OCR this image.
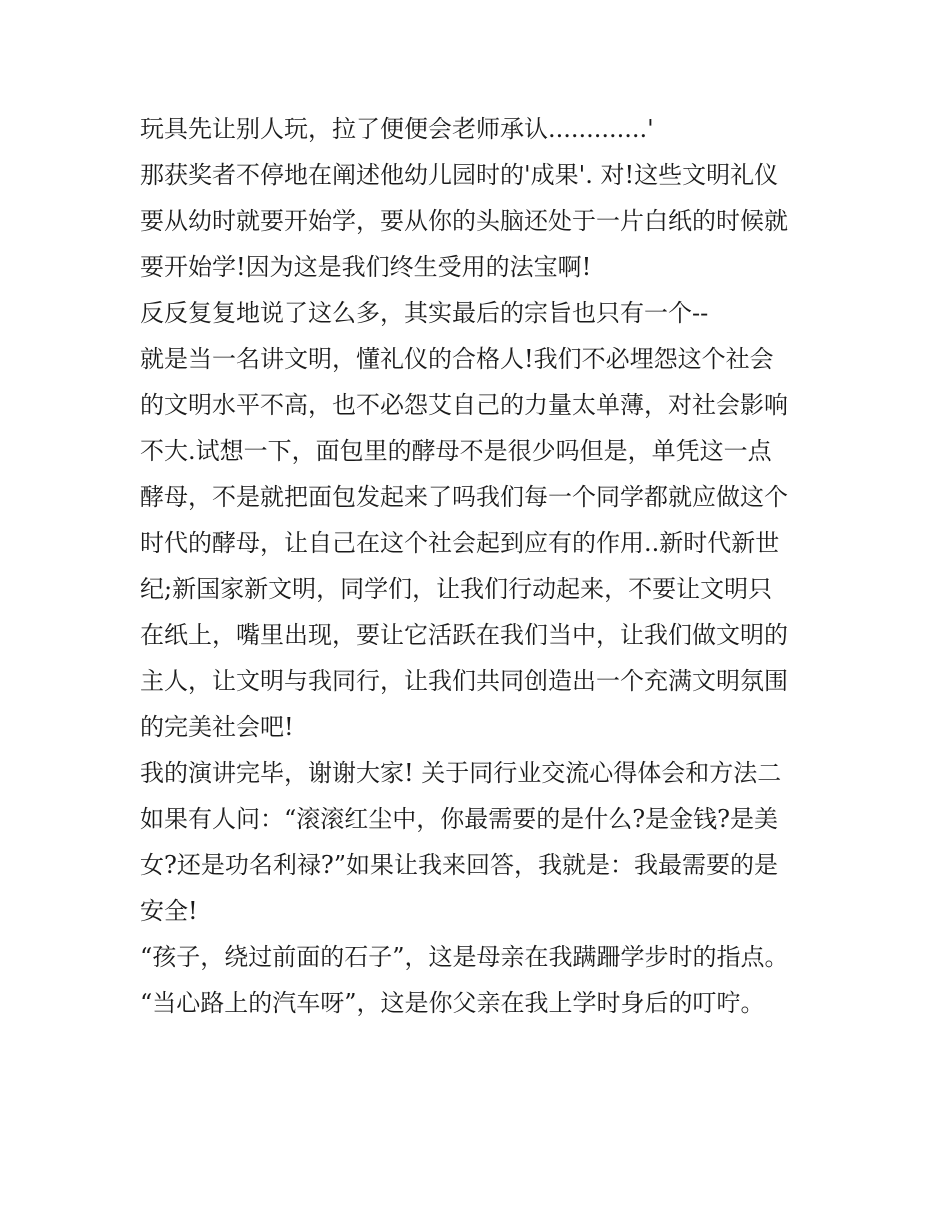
玩具先让别人玩，拉了便便会老师承认.............'
那获奖者不停地在阐述他幼儿园时的'成果'. 对!这些文明礼仪
要从幼时就要开始学，要从你的头脑还处于一片白纸的时候就
要开始学!因为这是我们终生受用的法宝啊!
反反复复地说了这么多，其实最后的宗旨也只有一个--
就是当一名讲文明，懂礼仪的合格人!我们不必埋怨这个社会
的文明水平不高，也不必怨艾自己的力量太单薄，对社会影响
不大.试想一下，面包里的酵母不是很少吗但是，单凭这一点
酵母，不是就把面包发起来了吗我们每一个同学都就应做这个
时代的酵母，让自己在这个社会起到应有的作用..新时代新世
纪;新国家新文明，同学们，让我们行动起来，不要让文明只
在纸上，嘴里出现，要让它活跃在我们当中，让我们做文明的
主人，让文明与我同行，让我们共同创造出一个充满文明氛围
的完美社会吧!
我的演讲完毕，谢谢大家! 关于同行业交流心得体会和方法二
如果有人问：“滚滚红尘中，你最需要的是什么?是金钱?是美
女?还是功名利禄?”如果让我来回答，我就是：我最需要的是
安全!
“孩子，绕过前面的石子”，这是母亲在我蹒跚学步时的指点。
“当心路上的汽车呀”，这是你父亲在我上学时身后的叮咛。
